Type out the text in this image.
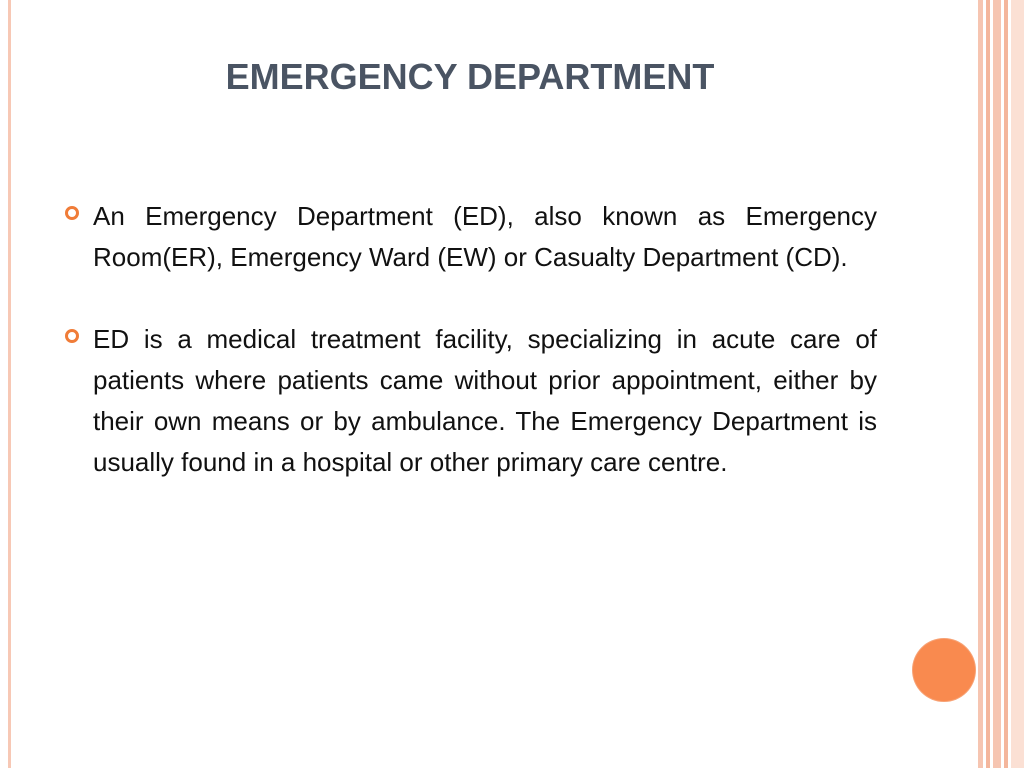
EMERGENCY DEPARTMENT
An Emergency Department (ED), also known as Emergency Room(ER), Emergency Ward (EW) or Casualty Department (CD).
ED is a medical treatment facility, specializing in acute care of patients where patients came without prior appointment, either by their own means or by ambulance. The Emergency Department is usually found in a hospital or other primary care centre.
